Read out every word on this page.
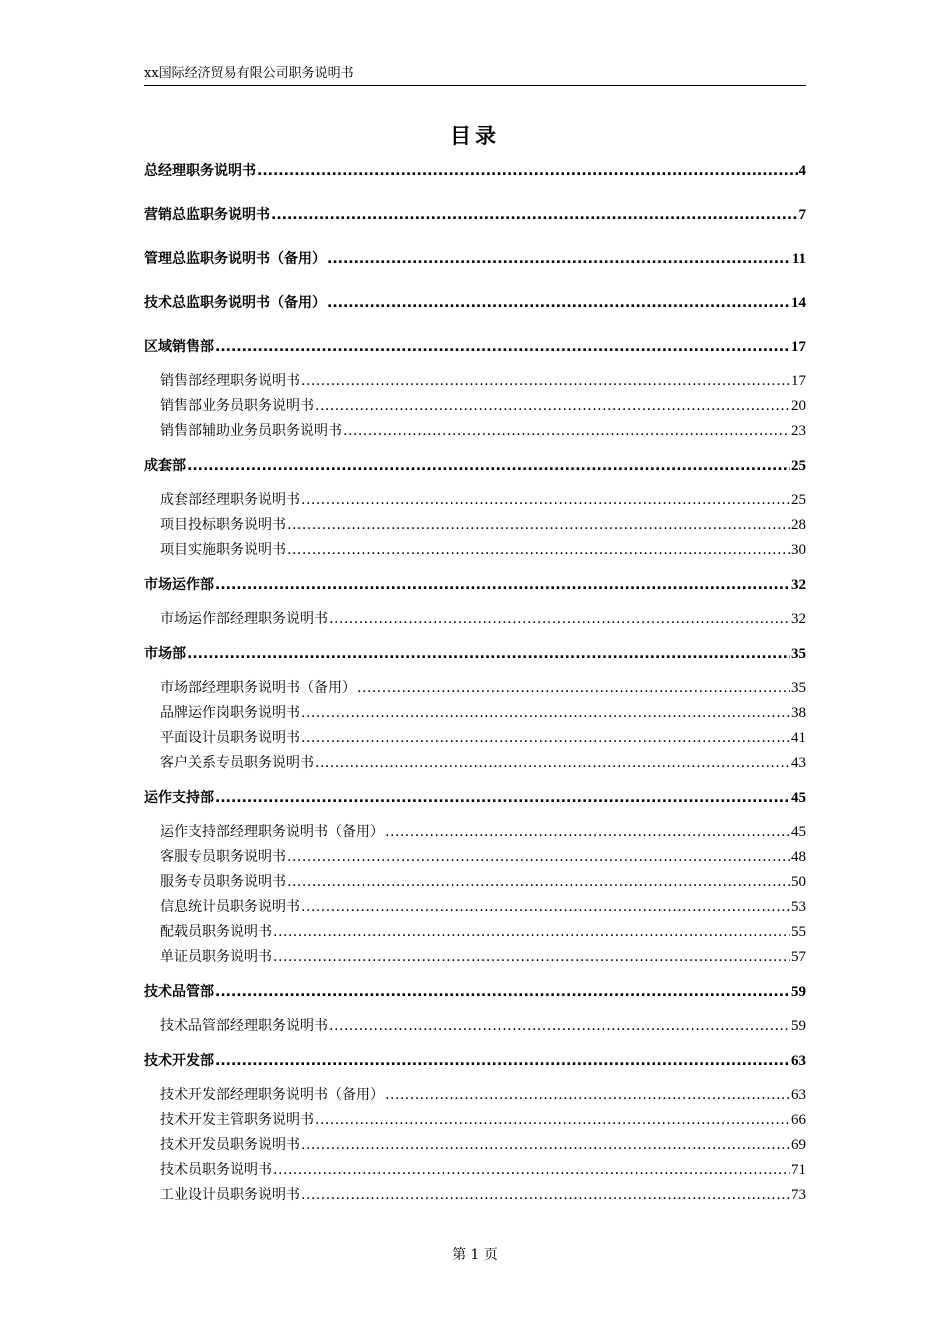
xx国际经济贸易有限公司职务说明书
目录
总经理职务说明书 .....	4
营销总监职务说明书 .....	7
管理总监职务说明书（备用） .....	11
技术总监职务说明书（备用） .....	14
区域销售部 .....	17
销售部经理职务说明书 .....	17
销售部业务员职务说明书 .....	20
销售部辅助业务员职务说明书 .....	23
成套部 .....	25
成套部经理职务说明书 .....	25
项目投标职务说明书 .....	28
项目实施职务说明书 .....	30
市场运作部 .....	32
市场运作部经理职务说明书 .....	32
市场部 .....	35
市场部经理职务说明书（备用） .....	35
品牌运作岗职务说明书 .....	38
平面设计员职务说明书 .....	41
客户关系专员职务说明书 .....	43
运作支持部 .....	45
运作支持部经理职务说明书（备用） .....	45
客服专员职务说明书 .....	48
服务专员职务说明书 .....	50
信息统计员职务说明书 .....	53
配载员职务说明书 .....	55
单证员职务说明书 .....	57
技术品管部 .....	59
技术品管部经理职务说明书 .....	59
技术开发部 .....	63
技术开发部经理职务说明书（备用） .....	63
技术开发主管职务说明书 .....	66
技术开发员职务说明书 .....	69
技术员职务说明书 .....	71
工业设计员职务说明书 .....	73
第 1 页
